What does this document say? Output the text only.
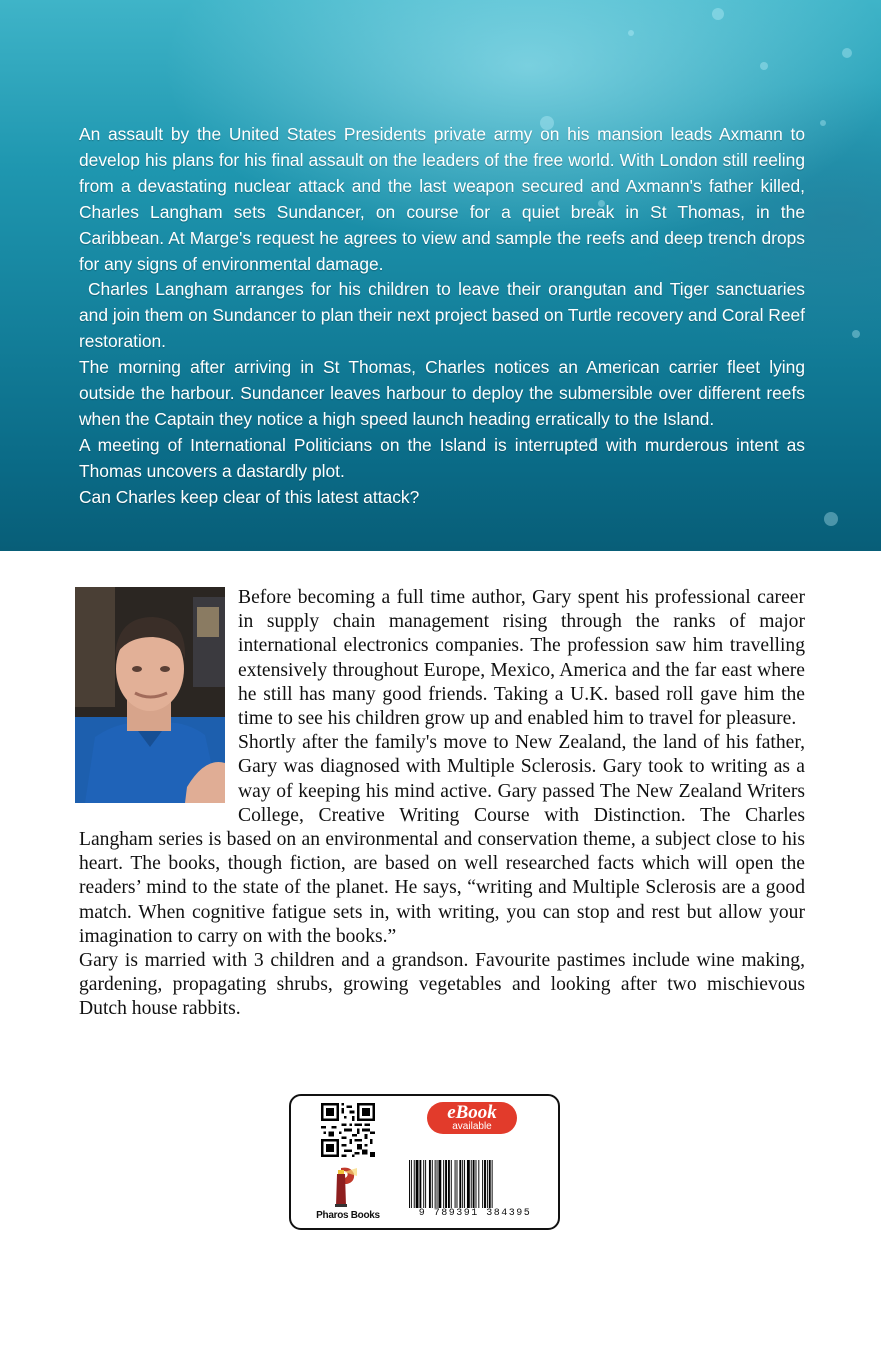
An assault by the United States Presidents private army on his mansion leads Axmann to develop his plans for his final assault on the leaders of the free world. With London still reeling from a devastating nuclear attack and the last weapon secured and Axmann's father killed, Charles Langham sets Sundancer, on course for a quiet break in St Thomas, in the Caribbean. At Marge's request he agrees to view and sample the reefs and deep trench drops for any signs of environmental damage.

Charles Langham arranges for his children to leave their orangutan and Tiger sanctuaries and join them on Sundancer to plan their next project based on Turtle recovery and Coral Reef restoration.

The morning after arriving in St Thomas, Charles notices an American carrier fleet lying outside the harbour. Sundancer leaves harbour to deploy the submersible over different reefs when the Captain they notice a high speed launch heading erratically to the Island.

A meeting of International Politicians on the Island is interrupted with murderous intent as Thomas uncovers a dastardly plot.

Can Charles keep clear of this latest attack?

Before becoming a full time author, Gary spent his professional career in supply chain management rising through the ranks of major international electronics companies. The profession saw him travelling extensively throughout Europe, Mexico, America and the far east where he still has many good friends. Taking a U.K. based roll gave him the time to see his children grow up and enabled him to travel for pleasure.

Shortly after the family's move to New Zealand, the land of his father, Gary was diagnosed with Multiple Sclerosis. Gary took to writing as a way of keeping his mind active. Gary passed The New Zealand Writers College, Creative Writing Course with Distinction. The Charles Langham series is based on an environmental and conservation theme, a subject close to his heart. The books, though fiction, are based on well researched facts which will open the readers’ mind to the state of the planet. He says, “writing and Multiple Sclerosis are a good match. When cognitive fatigue sets in, with writing, you can stop and rest but allow your imagination to carry on with the books.”

Gary is married with 3 children and a grandson. Favourite pastimes include wine making, gardening, propagating shrubs, growing vegetables and looking after two mischievous Dutch house rabbits.

eBook
available
Pharos Books	9 789391 384395
